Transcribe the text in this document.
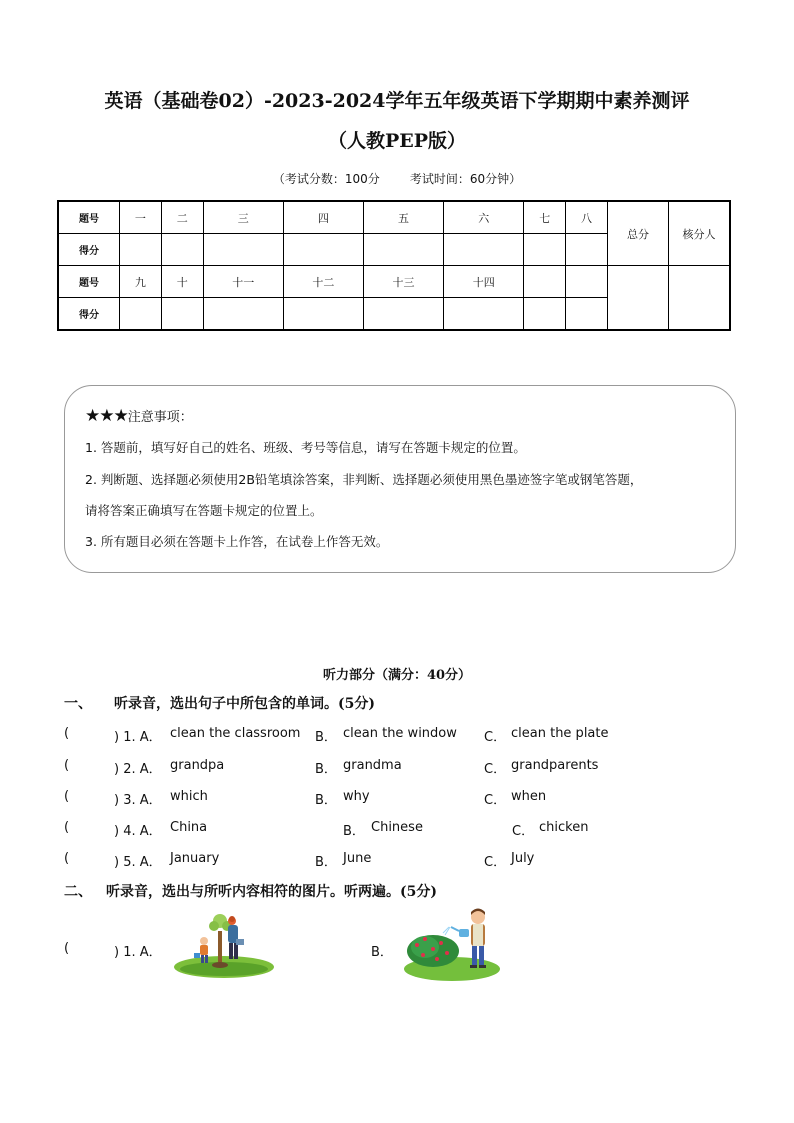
英语（基础卷02）-2023-2024学年五年级英语下学期期中素养测评
（人教PEP版）
（考试分数：100分	考试时间：60分钟）
题号	一	二	三	四	五	六	七	八	总分	核分人
得分										
题号	九	十	十一	十二	十三	十四				
得分										
★★★注意事项：
1. 答题前，填写好自己的姓名、班级、考号等信息，请写在答题卡规定的位置。
2. 判断题、选择题必须使用2B铅笔填涂答案，非判断、选择题必须使用黑色墨迹签字笔或钢笔答题，
请将答案正确填写在答题卡规定的位置上。
3. 所有题目必须在答题卡上作答，在试卷上作答无效。
听力部分（满分：40分）
一、 听录音，选出句子中所包含的单词。(5分)
(	) 1. A． clean the classroom B． clean the window C． clean the plate
(	) 2. A． grandpa	B． grandma	C． grandparents
(	) 3. A． which	B． why	C． when
(	) 4. A． China	B． Chinese	C． chicken
(	) 5. A． January	B． June	C． July
二、 听录音，选出与所听内容相符的图片。听两遍。(5分)
(	) 1. A．	B．
